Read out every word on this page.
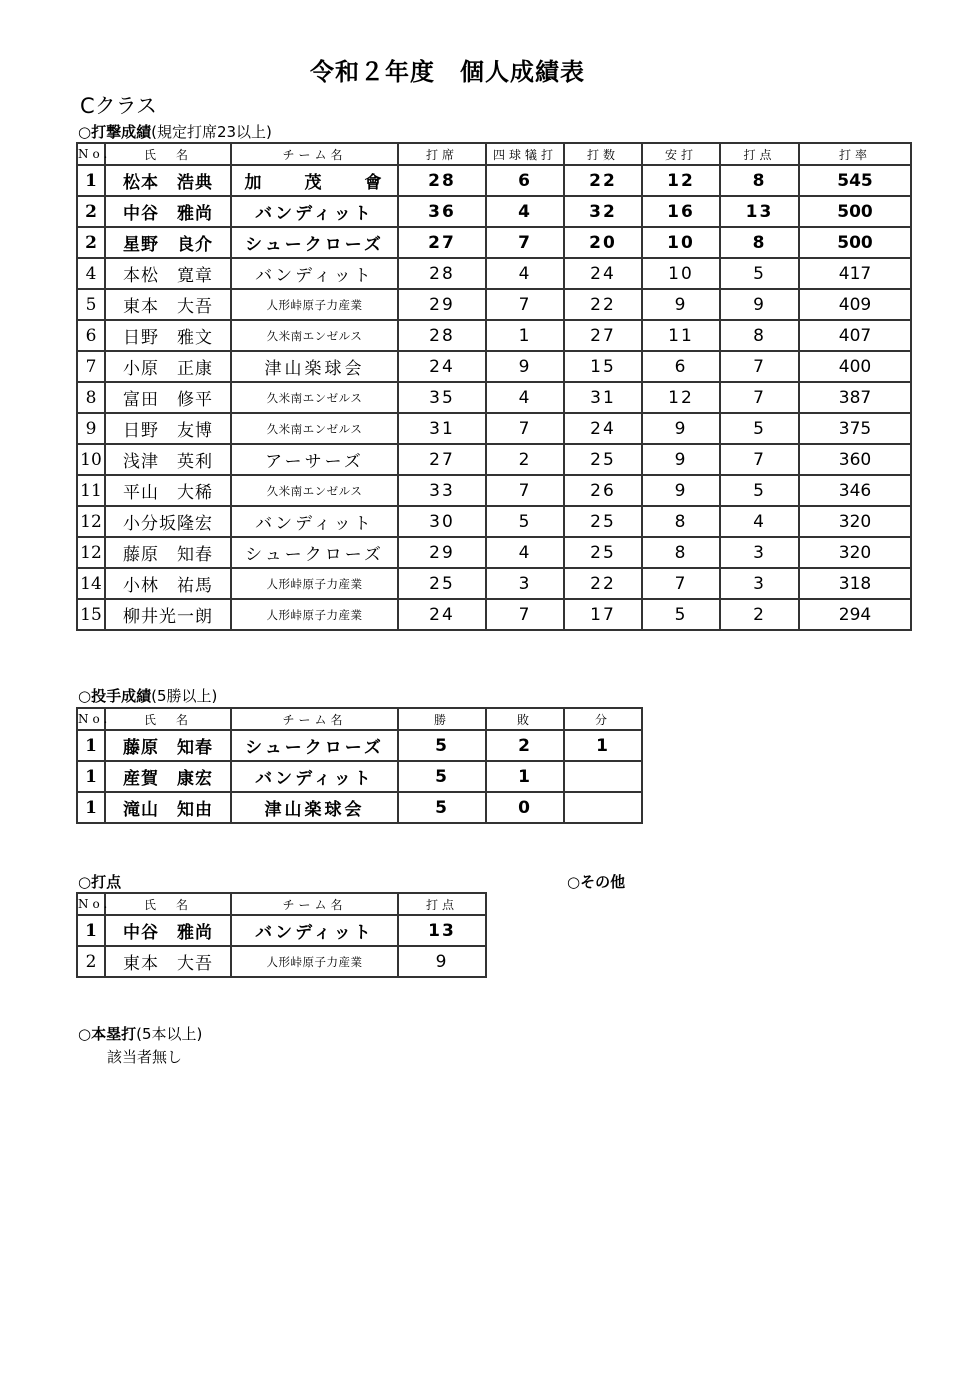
令和２年度　個人成績表
Cクラス
○打撃成績(規定打席23以上)
No.	氏　名	チーム名	打席	四球犠打	打数	安打	打点	打率
1	松本　浩典	加　　茂　　會	28	6	22	12	8	545
2	中谷　雅尚	バンディット	36	4	32	16	13	500
2	星野　良介	シュークローズ	27	7	20	10	8	500
4	本松　寛章	バンディット	28	4	24	10	5	417
5	東本　大吾	人形峠原子力産業	29	7	22	9	9	409
6	日野　雅文	久米南エンゼルス	28	1	27	11	8	407
7	小原　正康	津山楽球会	24	9	15	6	7	400
8	富田　修平	久米南エンゼルス	35	4	31	12	7	387
9	日野　友博	久米南エンゼルス	31	7	24	9	5	375
10	浅津　英利	アーサーズ	27	2	25	9	7	360
11	平山　大稀	久米南エンゼルス	33	7	26	9	5	346
12	小分坂隆宏	バンディット	30	5	25	8	4	320
12	藤原　知春	シュークローズ	29	4	25	8	3	320
14	小林　祐馬	人形峠原子力産業	25	3	22	7	3	318
15	柳井光一朗	人形峠原子力産業	24	7	17	5	2	294
○投手成績(5勝以上)
No.	氏　名	チーム名	勝	敗	分
1	藤原　知春	シュークローズ	5	2	1
1	産賀　康宏	バンディット	5	1	
1	滝山　知由	津山楽球会	5	0	
○打点	○その他
No.	氏　名	チーム名	打点
1	中谷　雅尚	バンディット	13
2	東本　大吾	人形峠原子力産業	9
○本塁打(5本以上)
該当者無し
